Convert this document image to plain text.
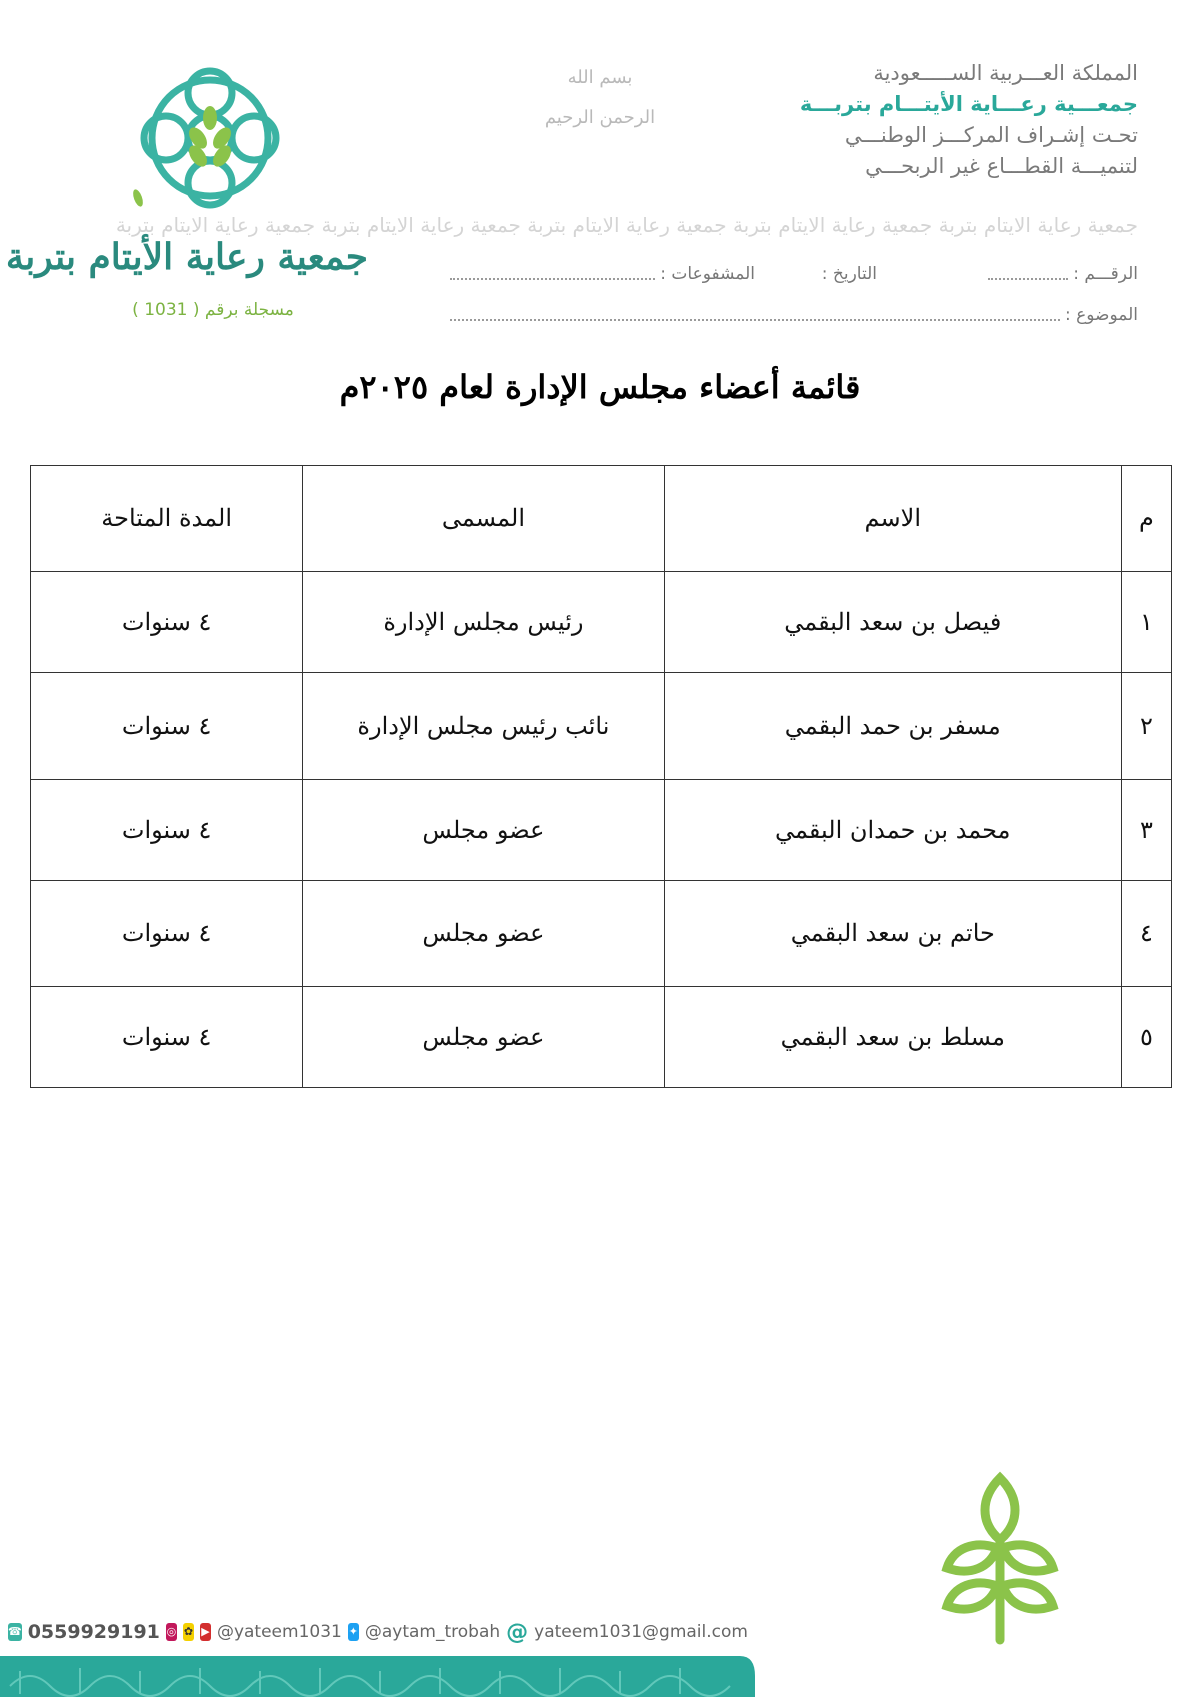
المملكة العـــربية الســـــعودية
جمعـــية رعـــاية الأيتـــام بتربـــة
تحـت إشـراف المركـــز الوطنـــي
لتنميـــة القطـــاع غير الربحـــي
بسم الله الرحمن الرحيم
جمعية رعاية الايتام بتربة جمعية رعاية الايتام بتربة جمعية رعاية الايتام بتربة جمعية رعاية الايتام بتربة جمعية رعاية الايتام بتربة
الرقـــم :
التاريخ :
المشفوعات :
الموضوع :
جمعية رعاية الأيتام بتربة
مسجلة برقم ( 1031 )
قائمة أعضاء مجلس الإدارة لعام ٢٠٢٥م
م	الاسم	المسمى	المدة المتاحة
١	فيصل بن سعد البقمي	رئيس مجلس الإدارة	٤ سنوات
٢	مسفر بن حمد البقمي	نائب رئيس مجلس الإدارة	٤ سنوات
٣	محمد بن حمدان البقمي	عضو مجلس	٤ سنوات
٤	حاتم بن سعد البقمي	عضو مجلس	٤ سنوات
٥	مسلط بن سعد البقمي	عضو مجلس	٤ سنوات
☎ 0559929191 ◎ ✿ ▶ @yateem1031 ✦ @aytam_trobah @ yateem1031@gmail.com
